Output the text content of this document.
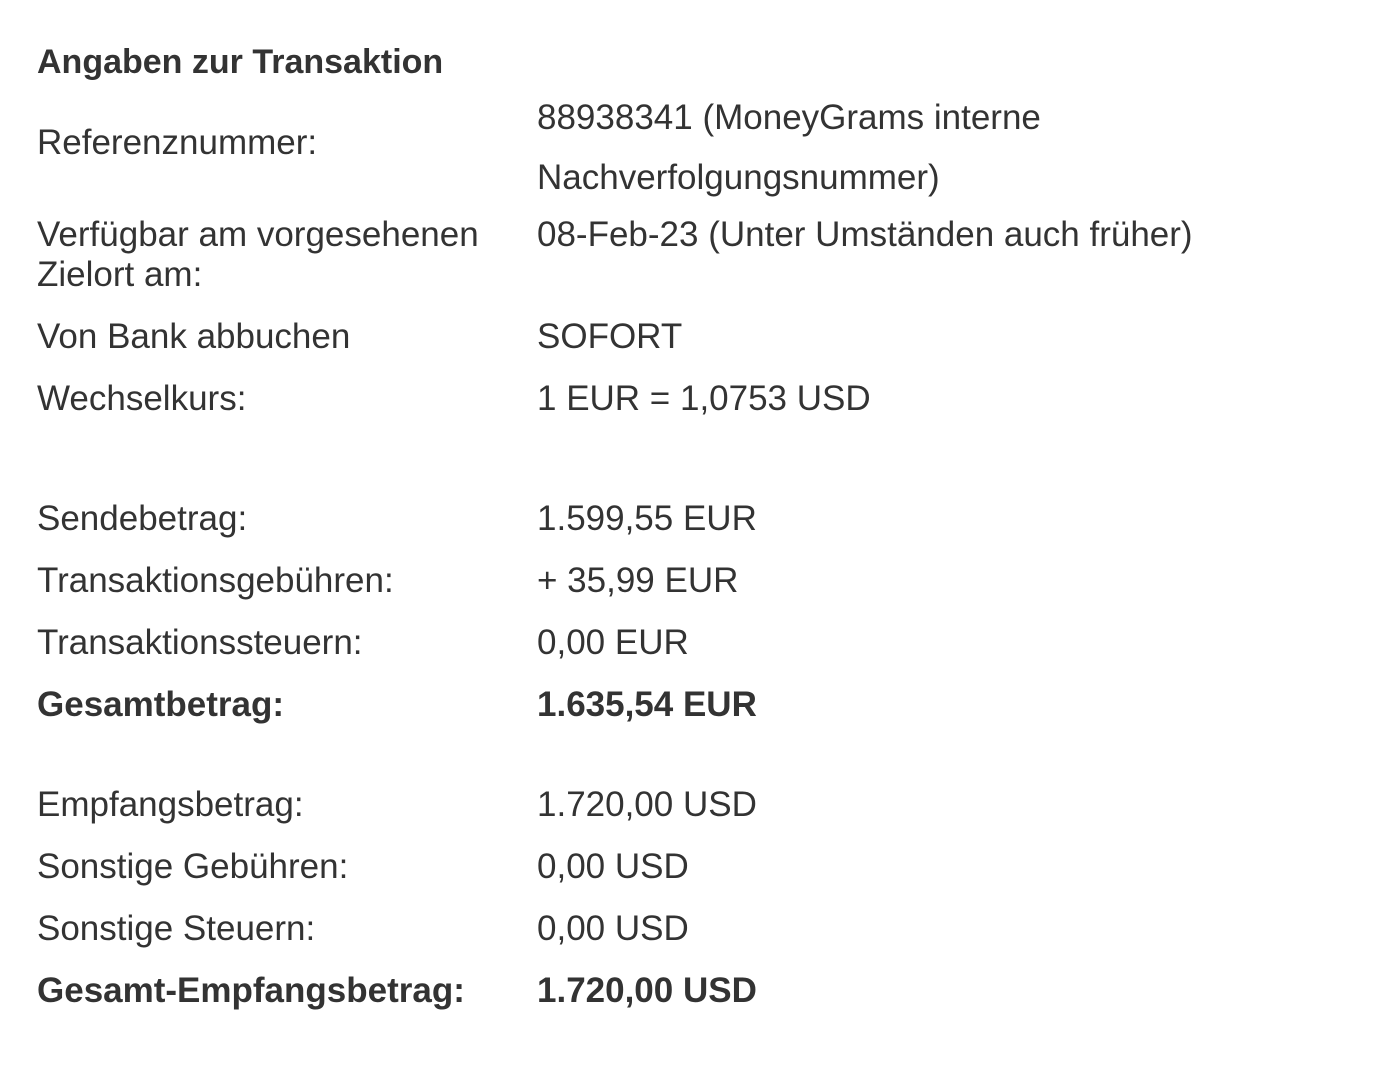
Angaben zur Transaktion
Referenznummer:
88938341 (MoneyGrams interne
Nachverfolgungsnummer)
Verfügbar am vorgesehenen Zielort am:
08-Feb-23 (Unter Umständen auch früher)
Von Bank abbuchen	SOFORT
Wechselkurs:	1 EUR = 1,0753 USD
Sendebetrag:	1.599,55 EUR
Transaktionsgebühren:	+ 35,99 EUR
Transaktionssteuern:	0,00 EUR
Gesamtbetrag:	1.635,54 EUR
Empfangsbetrag:	1.720,00 USD
Sonstige Gebühren:	0,00 USD
Sonstige Steuern:	0,00 USD
Gesamt-Empfangsbetrag:	1.720,00 USD
